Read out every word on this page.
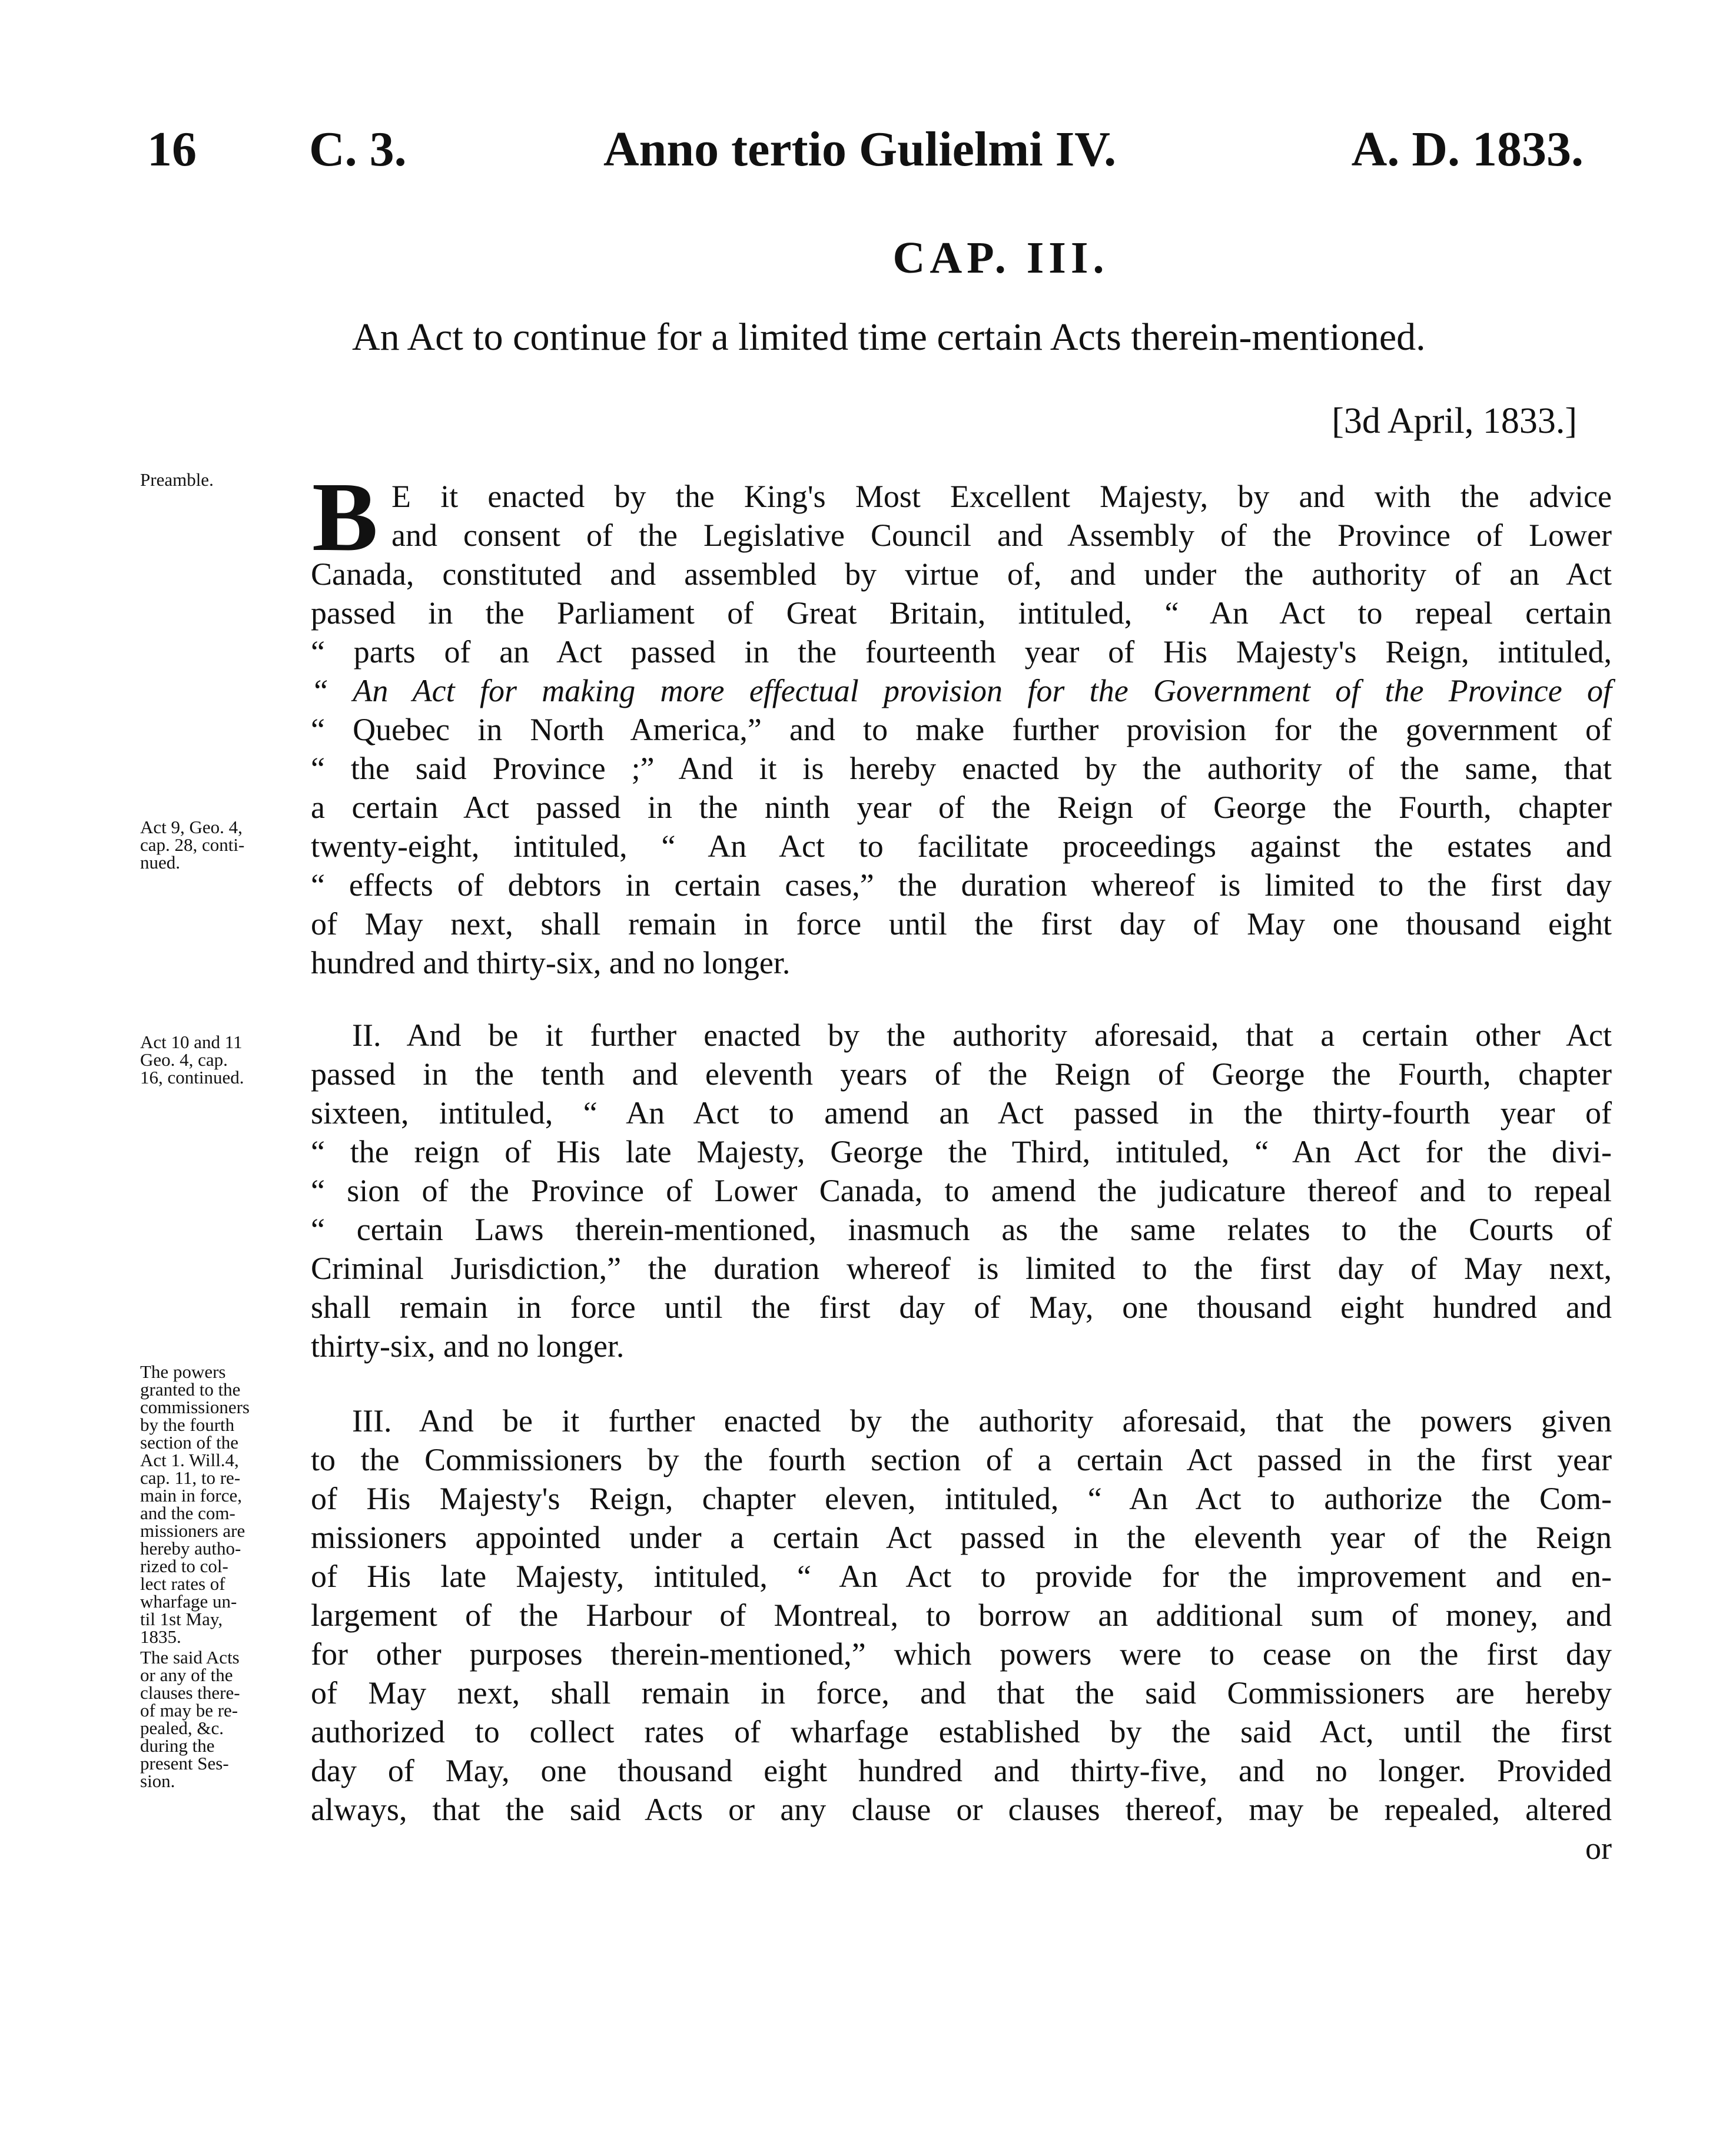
16 C. 3.	Anno tertio Gulielmi IV.	A. D. 1833.
CAP. III.
An Act to continue for a limited time certain Acts therein-mentioned.
[3d April, 1833.]
Preamble.
Act 9, Geo. 4,
cap. 28, conti-
nued.
Act 10 and 11
Geo. 4, cap.
16, continued.
The powers
granted to the
commissioners
by the fourth
section of the
Act 1. Will.4,
cap. 11, to re-
main in force,
and the com-
missioners are
hereby autho-
rized to col-
lect rates of
wharfage un-
til 1st May,
1835.
The said Acts
or any of the
clauses there-
of may be re-
pealed, &c.
during the
present Ses-
sion.
B E it enacted by the King's Most Excellent Majesty, by and with the advice
and consent of the Legislative Council and Assembly of the Province of Lower
Canada, constituted and assembled by virtue of, and under the authority of an Act
passed in the Parliament of Great Britain, intituled, “ An Act to repeal certain
“ parts of an Act passed in the fourteenth year of His Majesty's Reign, intituled,
“ An Act for making more effectual provision for the Government of the Province of
“ Quebec in North America,” and to make further provision for the government of
“ the said Province ;” And it is hereby enacted by the authority of the same, that
a certain Act passed in the ninth year of the Reign of George the Fourth, chapter
twenty-eight, intituled, “ An Act to facilitate proceedings against the estates and
“ effects of debtors in certain cases,” the duration whereof is limited to the first day
of May next, shall remain in force until the first day of May one thousand eight
hundred and thirty-six, and no longer.
II. And be it further enacted by the authority aforesaid, that a certain other Act
passed in the tenth and eleventh years of the Reign of George the Fourth, chapter
sixteen, intituled, “ An Act to amend an Act passed in the thirty-fourth year of
“ the reign of His late Majesty, George the Third, intituled, “ An Act for the divi-
“ sion of the Province of Lower Canada, to amend the judicature thereof and to repeal
“ certain Laws therein-mentioned, inasmuch as the same relates to the Courts of
Criminal Jurisdiction,” the duration whereof is limited to the first day of May next,
shall remain in force until the first day of May, one thousand eight hundred and
thirty-six, and no longer.
III. And be it further enacted by the authority aforesaid, that the powers given
to the Commissioners by the fourth section of a certain Act passed in the first year
of His Majesty's Reign, chapter eleven, intituled, “ An Act to authorize the Com-
missioners appointed under a certain Act passed in the eleventh year of the Reign
of His late Majesty, intituled, “ An Act to provide for the improvement and en-
largement of the Harbour of Montreal, to borrow an additional sum of money, and
for other purposes therein-mentioned,” which powers were to cease on the first day
of May next, shall remain in force, and that the said Commissioners are hereby
authorized to collect rates of wharfage established by the said Act, until the first
day of May, one thousand eight hundred and thirty-five, and no longer. Provided
always, that the said Acts or any clause or clauses thereof, may be repealed, altered
or
